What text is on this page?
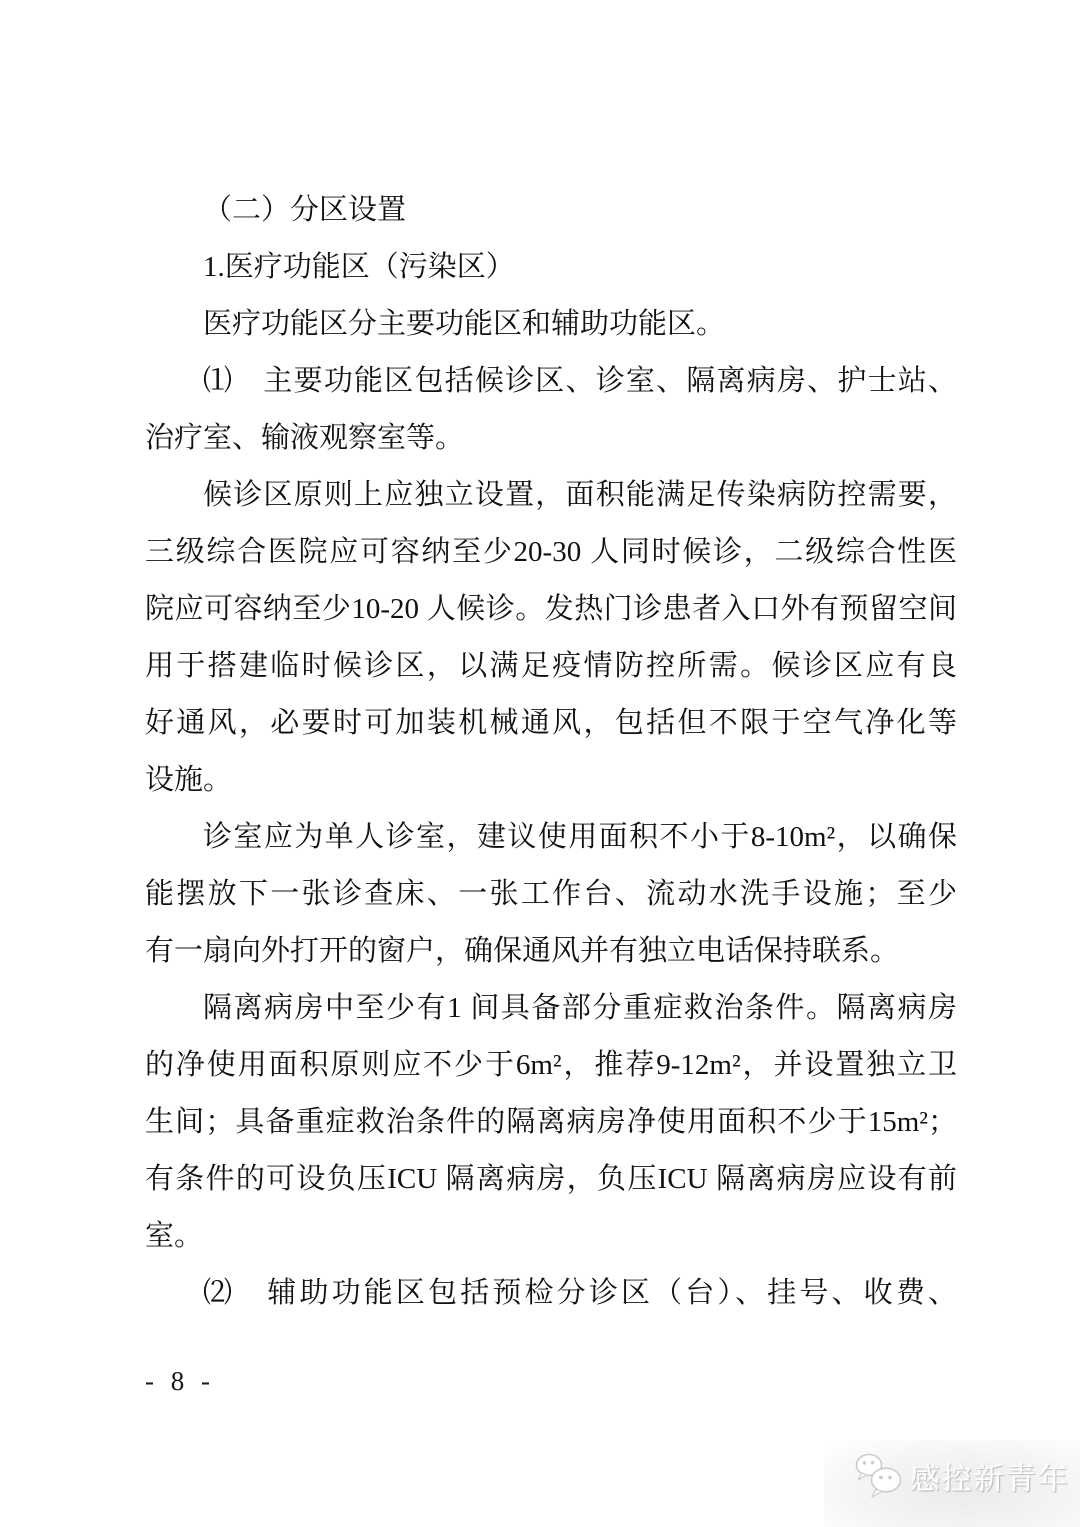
（二）分区设置
1.医疗功能区（污染区）
医疗功能区分主要功能区和辅助功能区。
⑴　主要功能区包括候诊区、诊室、隔离病房、护士站、
治疗室、输液观察室等。
候诊区原则上应独立设置，面积能满足传染病防控需要，
三级综合医院应可容纳至少20-30 人同时候诊，二级综合性医
院应可容纳至少10-20 人候诊。发热门诊患者入口外有预留空间
用于搭建临时候诊区，以满足疫情防控所需。候诊区应有良
好通风，必要时可加装机械通风，包括但不限于空气净化等
设施。
诊室应为单人诊室，建议使用面积不小于8-10m²，以确保
能摆放下一张诊查床、一张工作台、流动水洗手设施；至少
有一扇向外打开的窗户，确保通风并有独立电话保持联系。
隔离病房中至少有1 间具备部分重症救治条件。隔离病房
的净使用面积原则应不少于6m²，推荐9-12m²，并设置独立卫
生间；具备重症救治条件的隔离病房净使用面积不少于15m²；
有条件的可设负压ICU 隔离病房，负压ICU 隔离病房应设有前
室。
⑵　辅助功能区包括预检分诊区（台）、挂号、收费、
- 8 -
感控新青年
